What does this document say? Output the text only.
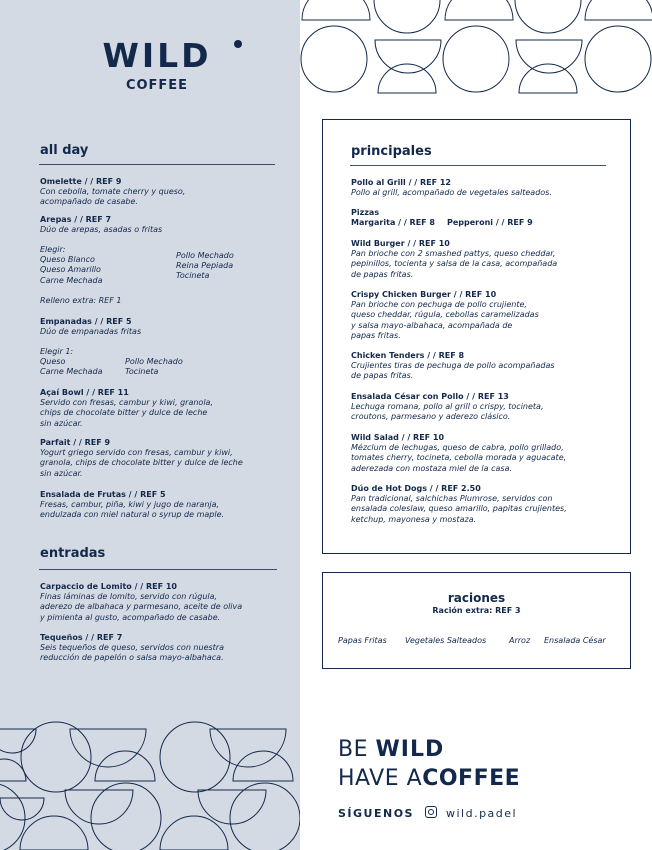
WILD
COFFEE
all day
Omelette / / REF 9
Con cebolla, tomate cherry y queso,
acompañado de casabe.
Arepas / / REF 7
Dúo de arepas, asadas o fritas
Elegir:
Queso Blanco
Queso Amarillo
Carne Mechada
Pollo Mechado
Reina Pepiada
Tocineta
Relleno extra: REF 1
Empanadas / / REF 5
Dúo de empanadas fritas
Elegir 1:
Queso
Carne Mechada
Pollo Mechado
Tocineta
Açaí Bowl / / REF 11
Servido con fresas, cambur y kiwi, granola,
chips de chocolate bitter y dulce de leche
sin azúcar.
Parfait / / REF 9
Yogurt griego servido con fresas, cambur y kiwi,
granola, chips de chocolate bitter y dulce de leche
sin azúcar.
Ensalada de Frutas / / REF 5
Fresas, cambur, piña, kiwi y jugo de naranja,
endulzada con miel natural o syrup de maple.
entradas
Carpaccio de Lomito / / REF 10
Finas láminas de lomito, servido con rúgula,
aderezo de albahaca y parmesano, aceite de oliva
y pimienta al gusto, acompañado de casabe.
Tequeños / / REF 7
Seis tequeños de queso, servidos con nuestra
reducción de papelón o salsa mayo-albahaca.
principales
Pollo al Grill / / REF 12
Pollo al grill, acompañado de vegetales salteados.
Pizzas
Margarita / / REF 8 Pepperoni / / REF 9
Wild Burger / / REF 10
Pan brioche con 2 smashed pattys, queso cheddar,
pepinillos, tocienta y salsa de la casa, acompañada
de papas fritas.
Crispy Chicken Burger / / REF 10
Pan brioche con pechuga de pollo crujiente,
queso cheddar, rúgula, cebollas caramelizadas
y salsa mayo-albahaca, acompañada de
papas fritas.
Chicken Tenders / / REF 8
Crujientes tiras de pechuga de pollo acompañadas
de papas fritas.
Ensalada César con Pollo / / REF 13
Lechuga romana, pollo al grill o crispy, tocineta,
croutons, parmesano y aderezo clásico.
Wild Salad / / REF 10
Mézclum de lechugas, queso de cabra, pollo grillado,
tomates cherry, tocineta, cebolla morada y aguacate,
aderezada con mostaza miel de la casa.
Dúo de Hot Dogs / / REF 2.50
Pan tradicional, salchichas Plumrose, servidos con
ensalada coleslaw, queso amarillo, papitas crujientes,
ketchup, mayonesa y mostaza.
raciones
Ración extra: REF 3
Papas Fritas Vegetales Salteados	Arroz Ensalada César
BE WILD
HAVE ACOFFEE
SÍGUENOS	wild.padel
